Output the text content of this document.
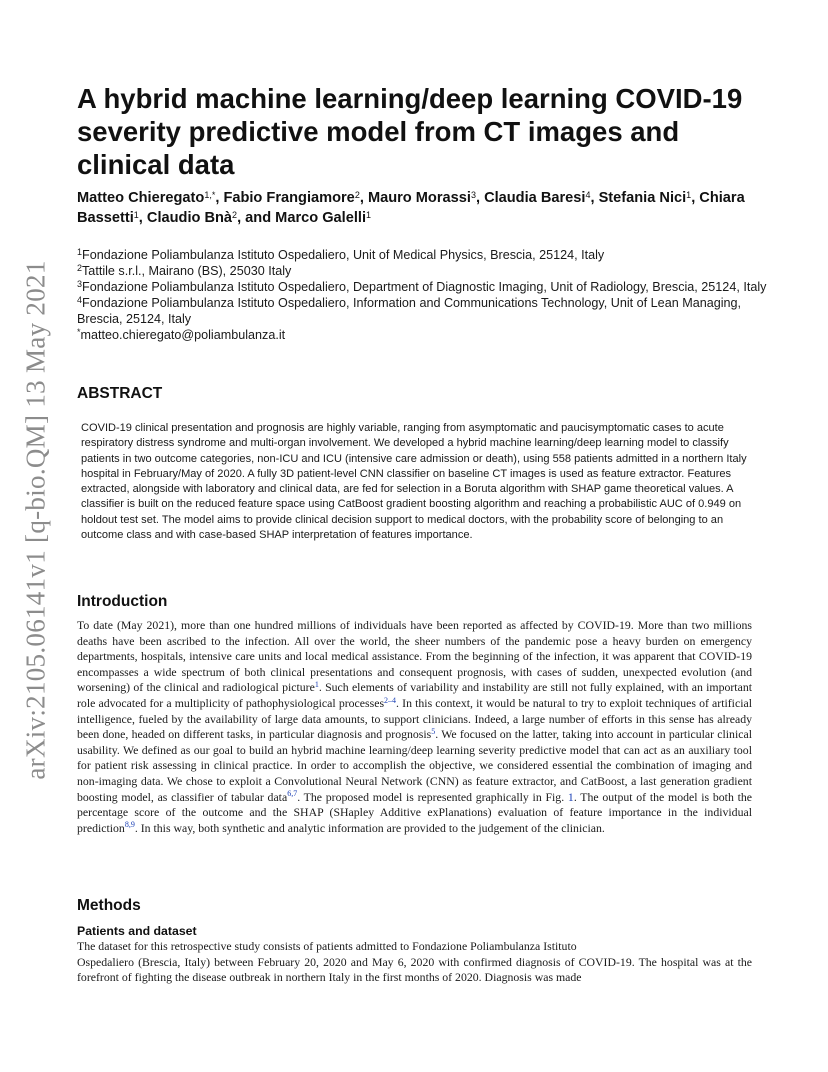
arXiv:2105.06141v1 [q-bio.QM] 13 May 2021
A hybrid machine learning/deep learning COVID-19 severity predictive model from CT images and clinical data

Matteo Chieregato$^{1,*}$, Fabio Frangiamore$^2$, Mauro Morassi$^3$, Claudia Baresi$^4$, Stefania Nici$^1$, Chiara Bassetti$^1$, Claudio Bnà$^2$, and Marco Galelli$^1$

$^1$Fondazione Poliambulanza Istituto Ospedaliero, Unit of Medical Physics, Brescia, 25124, Italy

$^2$Tattile s.r.l., Mairano (BS), 25030 Italy

$^3$Fondazione Poliambulanza Istituto Ospedaliero, Department of Diagnostic Imaging, Unit of Radiology, Brescia, 25124, Italy

$^4$Fondazione Poliambulanza Istituto Ospedaliero, Information and Communications Technology, Unit of Lean Managing, Brescia, 25124, Italy

*matteo.chieregato@poliambulanza.it

ABSTRACT

COVID-19 clinical presentation and prognosis are highly variable, ranging from asymptomatic and paucisymptomatic cases to acute respiratory distress syndrome and multi-organ involvement. We developed a hybrid machine learning/deep learning model to classify patients in two outcome categories, non-ICU and ICU (intensive care admission or death), using 558 patients admitted in a northern Italy hospital in February/May of 2020. A fully 3D patient-level CNN classifier on baseline CT images is used as feature extractor. Features extracted, alongside with laboratory and clinical data, are fed for selection in a Boruta algorithm with SHAP game theoretical values. A classifier is built on the reduced feature space using CatBoost gradient boosting algorithm and reaching a probabilistic AUC of 0.949 on holdout test set. The model aims to provide clinical decision support to medical doctors, with the probability score of belonging to an outcome class and with case-based SHAP interpretation of features importance.

Introduction

To date (May 2021), more than one hundred millions of individuals have been reported as affected by COVID-19. More than two millions deaths have been ascribed to the infection. All over the world, the sheer numbers of the pandemic pose a heavy burden on emergency departments, hospitals, intensive care units and local medical assistance. From the beginning of the infection, it was apparent that COVID-19 encompasses a wide spectrum of both clinical presentations and consequent prognosis, with cases of sudden, unexpected evolution (and worsening) of the clinical and radiological picture$^1$. Such elements of variability and instability are still not fully explained, with an important role advocated for a multiplicity of pathophysiological processes$^{2-4}$. In this context, it would be natural to try to exploit techniques of artificial intelligence, fueled by the availability of large data amounts, to support clinicians. Indeed, a large number of efforts in this sense has already been done, headed on different tasks, in particular diagnosis and prognosis$^5$. We focused on the latter, taking into account in particular clinical usability. We defined as our goal to build an hybrid machine learning/deep learning severity predictive model that can act as an auxiliary tool for patient risk assessing in clinical practice. In order to accomplish the objective, we considered essential the combination of imaging and non-imaging data. We chose to exploit a Convolutional Neural Network (CNN) as feature extractor, and CatBoost, a last generation gradient boosting model, as classifier of tabular data$^{6,7}$. The proposed model is represented graphically in Fig. 1. The output of the model is both the percentage score of the outcome and the SHAP (SHapley Additive exPlanations) evaluation of feature importance in the individual prediction$^{8,9}$. In this way, both synthetic and analytic information are provided to the judgement of the clinician.

Methods
Patients and dataset

The dataset for this retrospective study consists of patients admitted to Fondazione Poliambulanza Istituto
Ospedaliero (Brescia, Italy) between February 20, 2020 and May 6, 2020 with confirmed diagnosis of COVID-19. The hospital was at the forefront of fighting the disease outbreak in northern Italy in the first months of 2020. Diagnosis was made
